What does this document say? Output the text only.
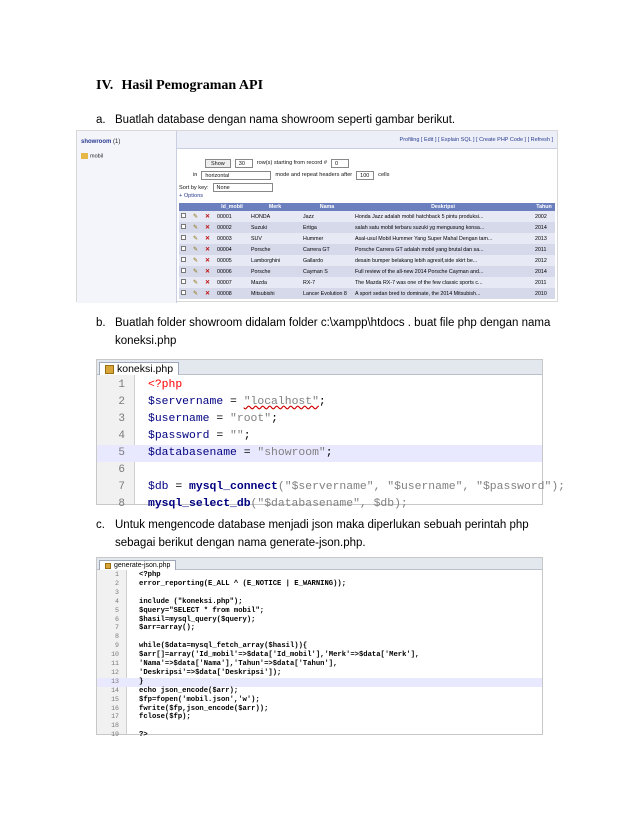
IV. Hasil Pemograman API
a. Buatlah database dengan nama showroom seperti gambar berikut.
showroom (1)
mobil
Profiling [ Edit ] [ Explain SQL ] [ Create PHP Code ] [ Refresh ]
Show	30	row(s) starting from record #	0
in	horizontal	mode and repeat headers after	100	cells
Sort by key:	None
+ Options
			Id_mobil	Merk	Nama	Deskripsi	Tahun
	✎	✕	00001	HONDA	Jazz	Honda Jazz adalah mobil hatchback 5 pintu produksi...	2002
	✎	✕	00002	Suzuki	Ertiga	salah satu mobil terbaru suzuki yg mengusung konsa...	2014
	✎	✕	00003	SUV	Hummer	Asal-usul Mobil Hummer Yang Super Mahal Dengan tam...	2013
	✎	✕	00004	Porsche	Carrera GT	Porsche Carrera GT adalah mobil yang brutal dan sa...	2011
	✎	✕	00005	Lamborghini	Gallardo	desain bumper belakang lebih agresif,side skirt be...	2012
	✎	✕	00006	Porsche	Cayman S	Full review of the all-new 2014 Porsche Cayman and...	2014
	✎	✕	00007	Mazda	RX-7	The Mazda RX-7 was one of the few classic sports c...	2011
	✎	✕	00008	Mitsubishi	Lancer Evolution 8	A sport sedan bred to dominate, the 2014 Mitsubish...	2010
b. Buatlah folder showroom didalam folder c:\xampp\htdocs . buat file php dengan nama koneksi.php
koneksi.php
1 <?php
2 $servername = "localhost";
3 $username = "root";
4 $password = "";
5 $databasename = "showroom";
6
7 $db = mysql_connect("$servername", "$username", "$password");
8 mysql_select_db("$databasename", $db);
c. Untuk mengencode database menjadi json maka diperlukan sebuah perintah php sebagai berikut dengan nama generate-json.php.
generate-json.php
1	<?php
2	error_reporting(E_ALL ^ (E_NOTICE | E_WARNING));
3
4	include ("koneksi.php");
5	$query="SELECT * from mobil";
6	$hasil=mysql_query($query);
7	$arr=array();
8
9	while($data=mysql_fetch_array($hasil)){
10	$arr[]=array('Id_mobil'=>$data['Id_mobil'],'Merk'=>$data['Merk'],
11	'Nama'=>$data['Nama'],'Tahun'=>$data['Tahun'],
12	'Deskripsi'=>$data['Deskripsi']);
13	}
14	echo json_encode($arr);
15	$fp=fopen('mobil.json','w');
16	fwrite($fp,json_encode($arr));
17	fclose($fp);
18
19	?>
